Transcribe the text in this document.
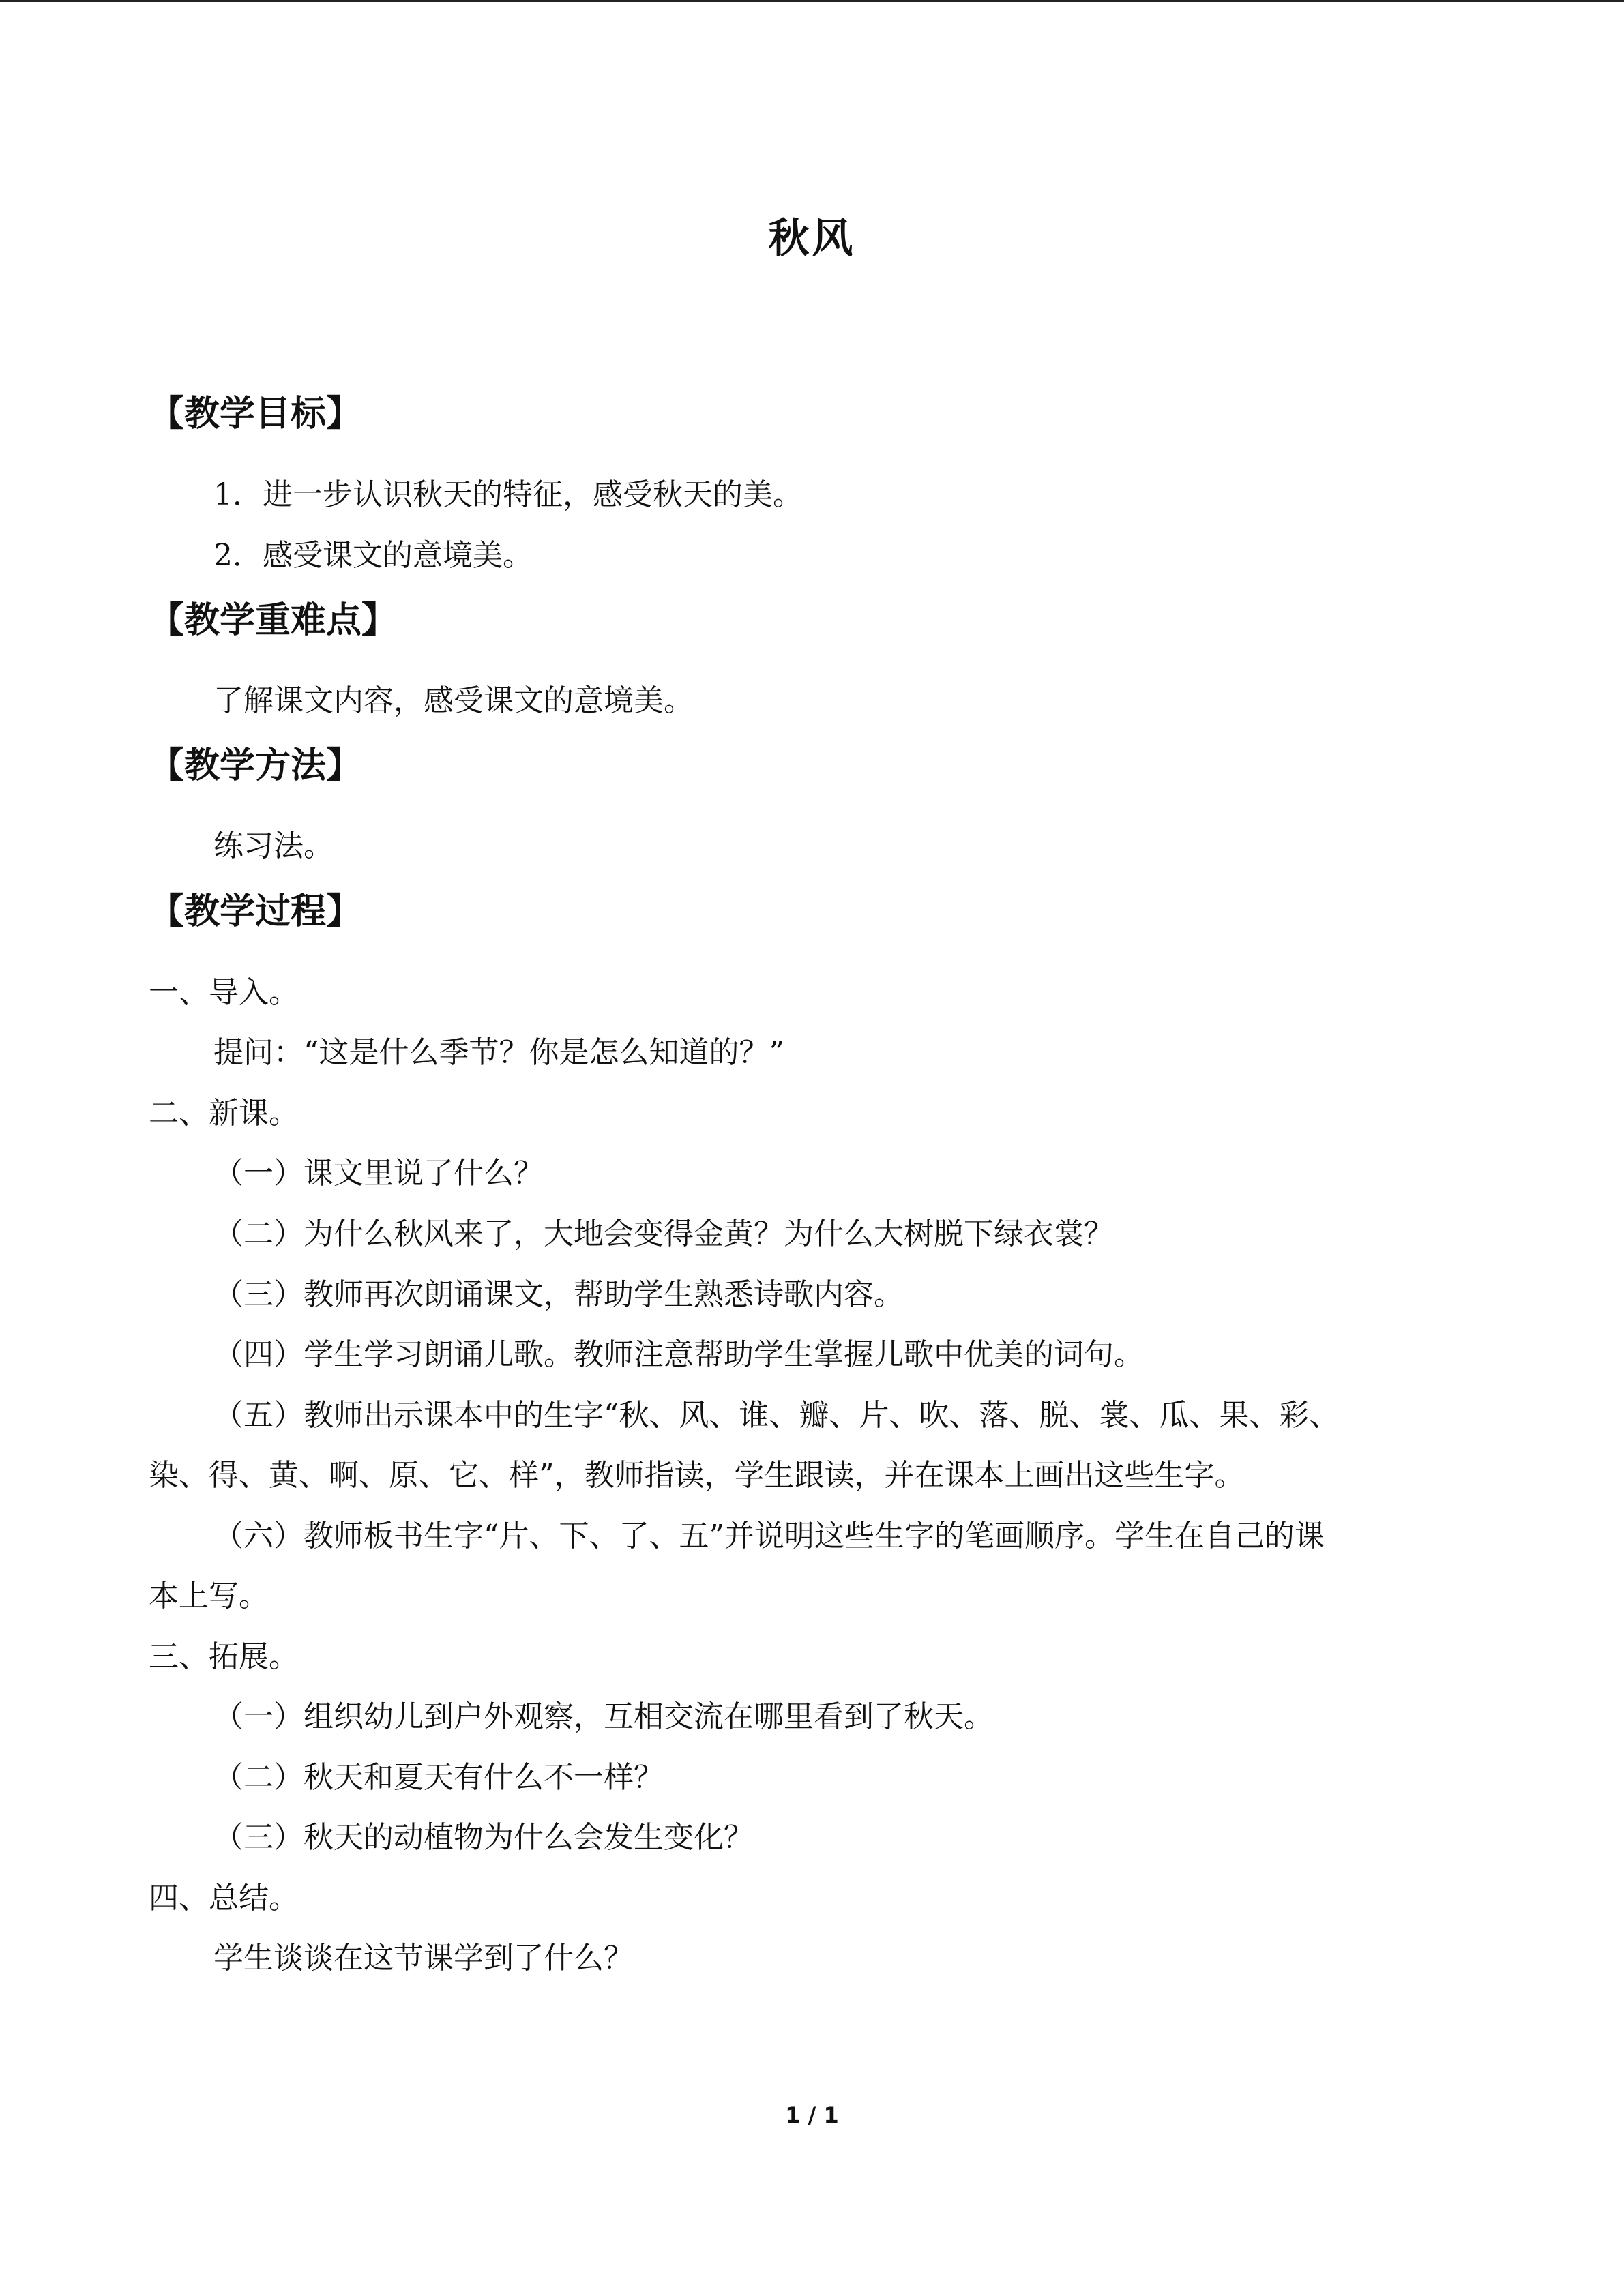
秋风
【教学目标】
1．进一步认识秋天的特征，感受秋天的美。
2．感受课文的意境美。
【教学重难点】
了解课文内容，感受课文的意境美。
【教学方法】
练习法。
【教学过程】
一、导入。
提问：“这是什么季节？你是怎么知道的？”
二、新课。
（一）课文里说了什么？
（二）为什么秋风来了，大地会变得金黄？为什么大树脱下绿衣裳？
（三）教师再次朗诵课文，帮助学生熟悉诗歌内容。
（四）学生学习朗诵儿歌。教师注意帮助学生掌握儿歌中优美的词句。
（五）教师出示课本中的生字“秋、风、谁、瓣、片、吹、落、脱、裳、瓜、果、彩、
染、得、黄、啊、原、它、样”，教师指读，学生跟读，并在课本上画出这些生字。
（六）教师板书生字“片、下、了、五”并说明这些生字的笔画顺序。学生在自己的课
本上写。
三、拓展。
（一）组织幼儿到户外观察，互相交流在哪里看到了秋天。
（二）秋天和夏天有什么不一样？
（三）秋天的动植物为什么会发生变化？
四、总结。
学生谈谈在这节课学到了什么？
1 / 1
